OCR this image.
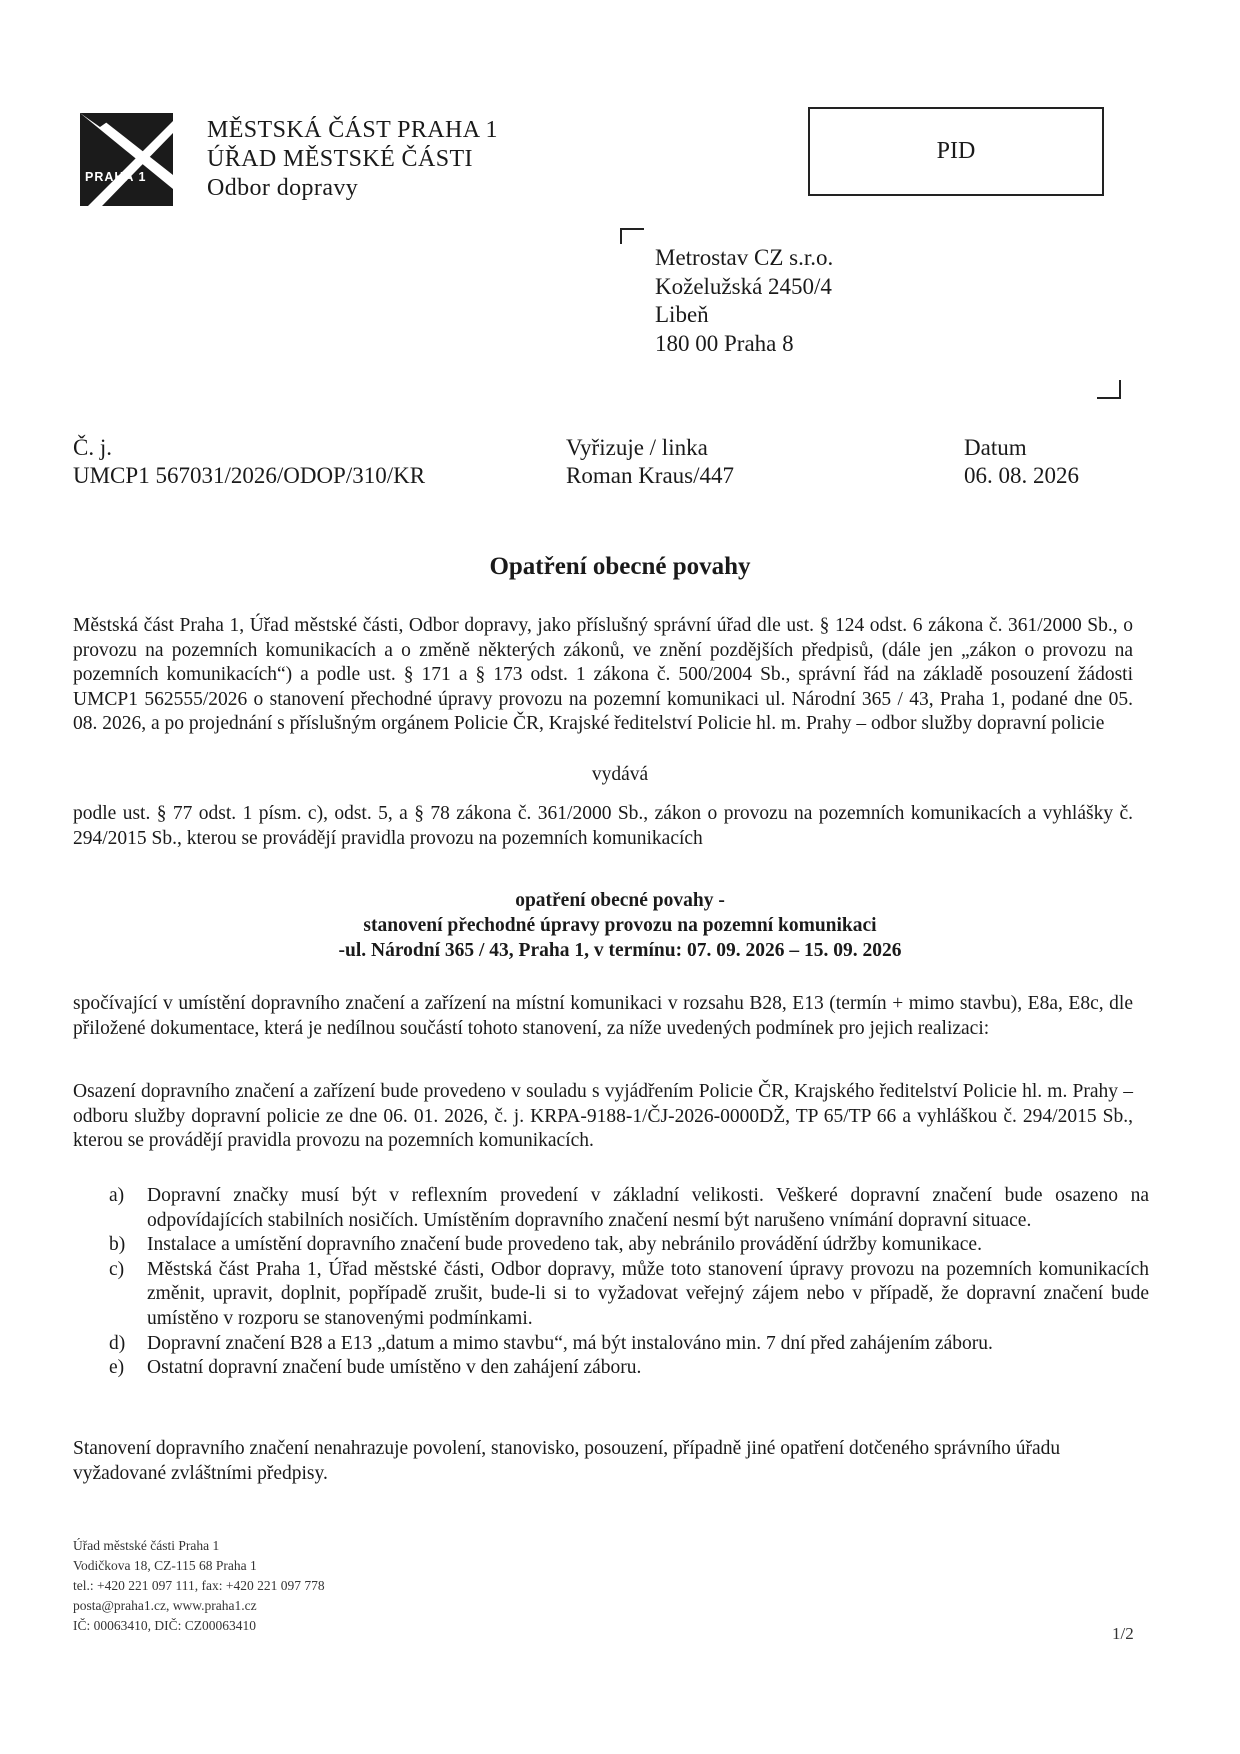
PRAHA 1
MĚSTSKÁ ČÁST PRAHA 1
ÚŘAD MĚSTSKÉ ČÁSTI
Odbor dopravy
PID
Metrostav CZ s.r.o.
Koželužská 2450/4
Libeň
180 00 Praha 8
Č. j.
UMCP1 567031/2026/ODOP/310/KR
Vyřizuje / linka
Roman Kraus/447
Datum
06. 08. 2026
Opatření obecné povahy
Městská část Praha 1, Úřad městské části, Odbor dopravy, jako příslušný správní úřad dle ust. § 124 odst. 6 zákona č. 361/2000 Sb., o provozu na pozemních komunikacích a o změně některých zákonů, ve znění pozdějších předpisů, (dále jen „zákon o provozu na pozemních komunikacích“) a podle ust. § 171 a § 173 odst. 1 zákona č. 500/2004 Sb., správní řád na základě posouzení žádosti UMCP1 562555/2026 o stanovení přechodné úpravy provozu na pozemní komunikaci ul. Národní 365 / 43, Praha 1, podané dne 05. 08. 2026, a po projednání s příslušným orgánem Policie ČR, Krajské ředitelství Policie hl. m. Prahy – odbor služby dopravní policie
vydává
podle ust. § 77 odst. 1 písm. c), odst. 5, a § 78 zákona č. 361/2000 Sb., zákon o provozu na pozemních komunikacích a vyhlášky č. 294/2015 Sb., kterou se provádějí pravidla provozu na pozemních komunikacích
opatření obecné povahy -
stanovení přechodné úpravy provozu na pozemní komunikaci
-ul. Národní 365 / 43, Praha 1, v termínu: 07. 09. 2026 – 15. 09. 2026
spočívající v umístění dopravního značení a zařízení na místní komunikaci v rozsahu B28, E13 (termín + mimo stavbu), E8a, E8c, dle přiložené dokumentace, která je nedílnou součástí tohoto stanovení, za níže uvedených podmínek pro jejich realizaci:
Osazení dopravního značení a zařízení bude provedeno v souladu s vyjádřením Policie ČR, Krajského ředitelství Policie hl. m. Prahy – odboru služby dopravní policie ze dne 06. 01. 2026, č. j. KRPA-9188-1/ČJ-2026-0000DŽ, TP 65/TP 66 a vyhláškou č. 294/2015 Sb., kterou se provádějí pravidla provozu na pozemních komunikacích.
a) Dopravní značky musí být v reflexním provedení v základní velikosti. Veškeré dopravní značení bude osazeno na odpovídajících stabilních nosičích. Umístěním dopravního značení nesmí být narušeno vnímání dopravní situace.
b) Instalace a umístění dopravního značení bude provedeno tak, aby nebránilo provádění údržby komunikace.
c) Městská část Praha 1, Úřad městské části, Odbor dopravy, může toto stanovení úpravy provozu na pozemních komunikacích změnit, upravit, doplnit, popřípadě zrušit, bude-li si to vyžadovat veřejný zájem nebo v případě, že dopravní značení bude umístěno v rozporu se stanovenými podmínkami.
d) Dopravní značení B28 a E13 „datum a mimo stavbu“, má být instalováno min. 7 dní před zahájením záboru.
e) Ostatní dopravní značení bude umístěno v den zahájení záboru.
Stanovení dopravního značení nenahrazuje povolení, stanovisko, posouzení, případně jiné opatření dotčeného správního úřadu vyžadované zvláštními předpisy.
Úřad městské části Praha 1
Vodičkova 18, CZ-115 68 Praha 1
tel.: +420 221 097 111, fax: +420 221 097 778
posta@praha1.cz, www.praha1.cz
IČ: 00063410, DIČ: CZ00063410	1/2
